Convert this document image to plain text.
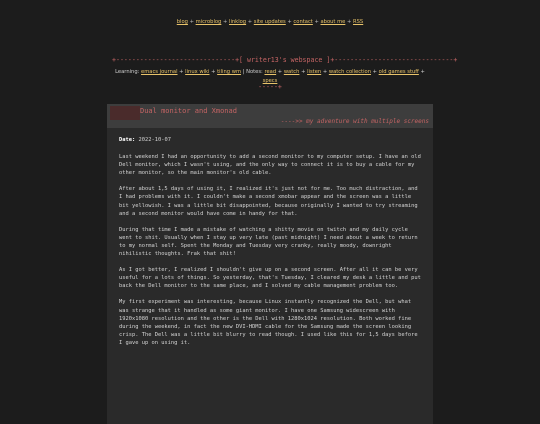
blog + microblog + linklog + site updates + contact + about me + RSS

+------------------------------+[ writer13's webspace ]+------------------------------+

-----+

Learning: emacs journal + linux wiki + tiling wm | Notes: read + watch + listen + watch collection + old games stuff + specs
Dual monitor and Xmonad
---->> my adventure with multiple screens
Date: 2022-10-07

Last weekend I had an opportunity to add a second monitor to my computer setup. I have an old Dell monitor, which I wasn't using, and the only way to connect it is to buy a cable for my other monitor, so the main monitor's old cable.

After about 1,5 days of using it, I realized it's just not for me. Too much distraction, and I had problems with it. I couldn't make a second xmobar appear and the screen was a little bit yellowish. I was a little bit disappointed, because originally I wanted to try streaming and a second monitor would have come in handy for that.

During that time I made a mistake of watching a shitty movie on twitch and my daily cycle went to shit. Usually when I stay up very late (past midnight) I need about a week to return to my normal self. Spent the Monday and Tuesday very cranky, really moody, downright nihilistic thoughts. Frak that shit!

As I got better, I realized I shouldn't give up on a second screen. After all it can be very useful for a lots of things. So yesterday, that's Tuesday, I cleared my desk a little and put back the Dell monitor to the same place, and I solved my cable management problem too.

My first experiment was interesting, because Linux instantly recognized the Dell, but what was strange that it handled as some giant monitor. I have one Samsung widescreen with 1920x1080 resolution and the other is the Dell with 1280x1024 resolution. Both worked fine during the weekend, in fact the new DVI-HDMI cable for the Samsung made the screen looking crisp. The Dell was a little bit blurry to read though. I used like this for 1,5 days before I gave up on using it.
